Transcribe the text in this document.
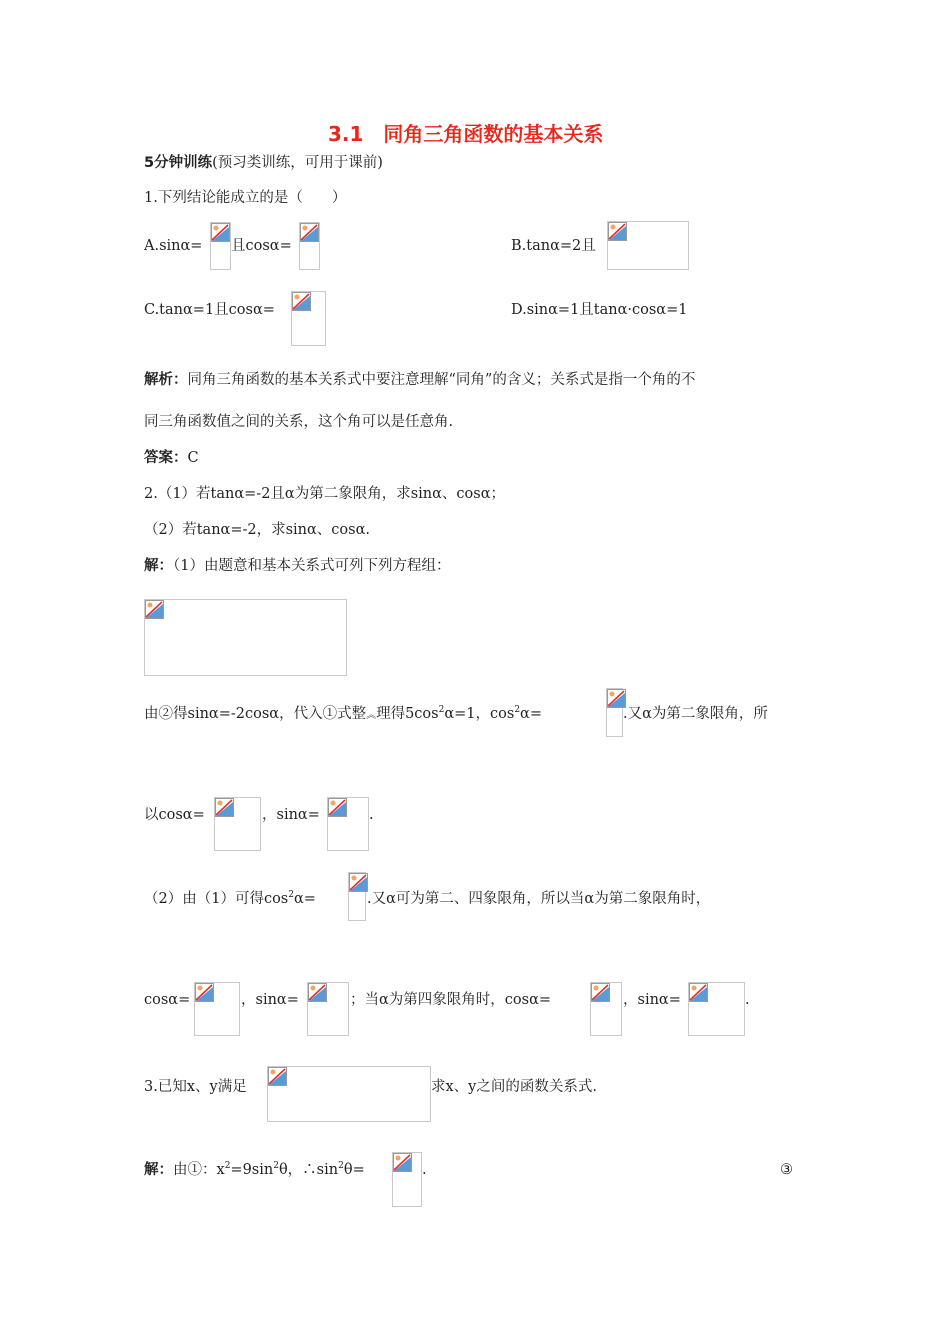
3.1　同角三角函数的基本关系
5分钟训练(预习类训练，可用于课前)
1.下列结论能成立的是（　　）
A.sinα= 且cosα=	B.tanα=2且
C.tanα=1且cosα=	D.sinα=1且tanα·cosα=1
解析：同角三角函数的基本关系式中要注意理解“同角”的含义；关系式是指一个角的不
同三角函数值之间的关系，这个角可以是任意角.
答案：C
2.（1）若tanα=-2且α为第二象限角，求sinα、cosα；
（2）若tanα=-2，求sinα、cosα.
解：（1）由题意和基本关系式可列下列方程组：
由②得sinα=-2cosα，代入①式整︽理得$5\cos^2\alpha=1$，$\cos^2\alpha=$	.又α为第二象限角，所
以cosα=	，sinα=	.
（2）由（1）可得$\cos^2\alpha=$	.又α可为第二、四象限角，所以当α为第二象限角时，
cosα=	，sinα=	；当α为第四象限角时，cosα=	，sinα=	.
3.已知x、y满足	求x、y之间的函数关系式.
解：由①：$x^2=9\sin^2\theta$，$\therefore\sin^2\theta=$	.	③
